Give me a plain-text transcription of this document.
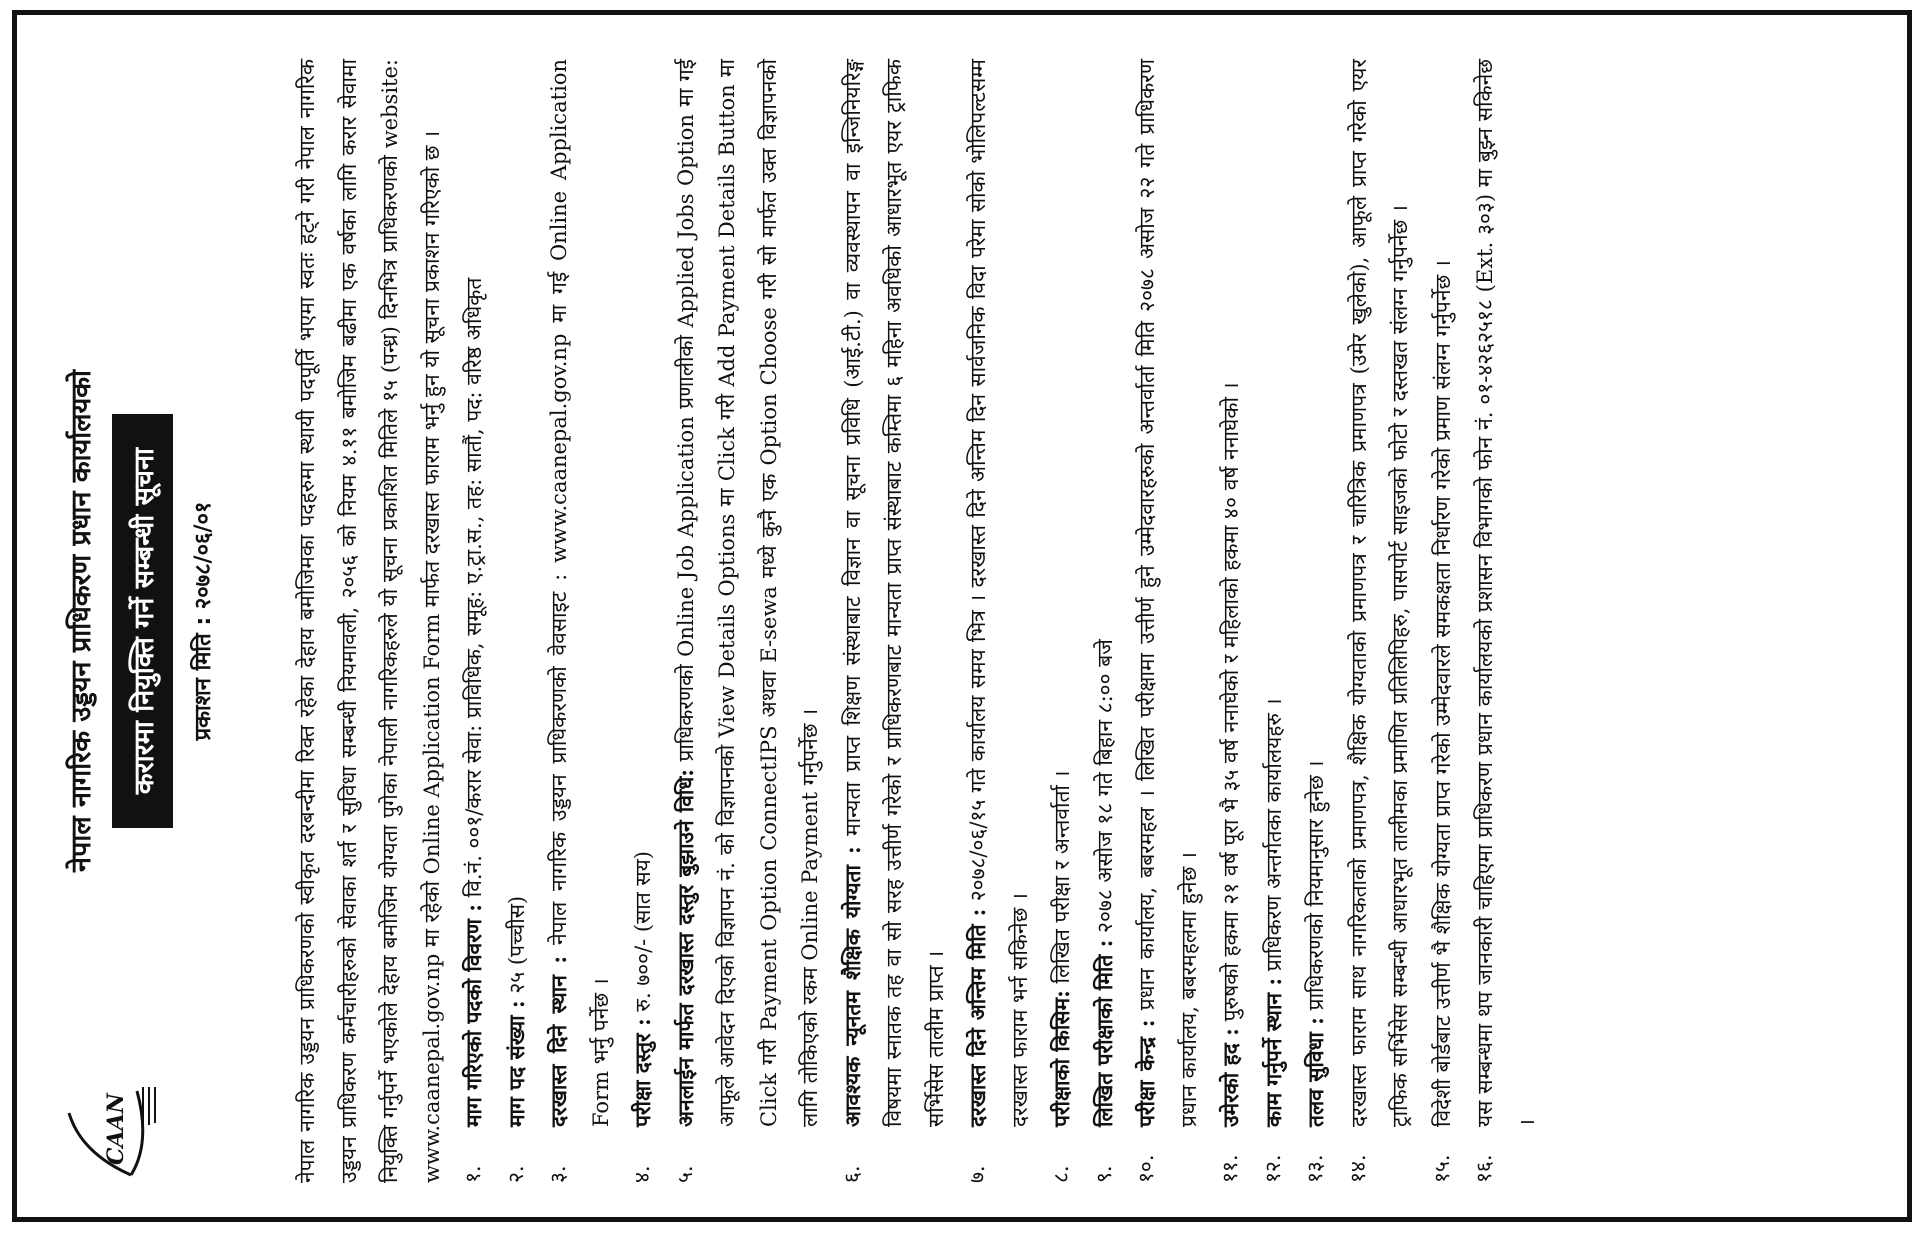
CAAN
नेपाल नागरिक उड्डयन प्राधिकरण प्रधान कार्यालयको करारमा नियुक्ति गर्ने सम्बन्धी सूचना प्रकाशन मिति : २०७८/०६/०१	नेपाल नागरिक उड्डयन प्राधिकरणको स्वीकृत दरबन्दीमा रिक्त रहेका देहाय बमोजिमका पदहरुमा स्थायी पदपूर्ति भएमा स्वतः हट्ने गरी नेपाल नागरिक उड्डयन प्राधिकरण कर्मचारीहरुको सेवाका शर्त र सुविधा सम्बन्धी नियमावली, २०५६ को नियम ४.११ बमोजिम बढीमा एक वर्षका लागि करार सेवामा नियुक्ति गर्नुपर्ने भएकोले देहाय बमोजिम योग्यता पुगेका नेपाली नागरिकहरुले यो सूचना प्रकाशित मितिले १५ (पन्ध्र) दिनभित्र प्राधिकरणको website: www.caanepal.gov.np मा रहेको Online Application Form मार्फत दरखास्त फाराम भर्नु हुन यो सूचना प्रकाशन गरिएको छ । १.
माग गरिएको पदको विवरण : वि.नं. ००१/करार सेवा: प्राविधिक, समूह: ए.ट्रा.स., तह: सातौं, पद: वरिष्ठ अधिकृत
२.
माग पद संख्या : २५ (पच्चीस)
३.
दरखास्त दिने स्थान : नेपाल नागरिक उड्डयन प्राधिकरणको वेवसाइट : www.caanepal.gov.np मा गई Online Application Form भर्नु पर्नेछ ।
४.
परीक्षा दस्तुर : रु. ७००/- (सात सय)
५.
अनलाईन मार्फत दरखास्त दस्तुर बुझाउने विधि: प्राधिकरणको Online Job Application प्रणालीको Applied Jobs Option मा गई आफूले आवेदन दिएको विज्ञापन नं. को विज्ञापनको View Details Options मा Click गरी Add Payment Details Button मा Click गरी Payment Option ConnectIPS अथवा E-sewa मध्ये कुनै एक Option Choose गरी सो मार्फत उक्त विज्ञापनको लागि तोकिएको रकम Online Payment गर्नुपर्नेछ ।
६.
आवश्यक न्यूनतम शैक्षिक योग्यता : मान्यता प्राप्त शिक्षण संस्थाबाट विज्ञान वा सूचना प्रविधि (आई.टी.) वा व्यवस्थापन वा इन्जिनियरिङ्ग विषयमा स्नातक तह वा सो सरह उत्तीर्ण गरेको र प्राधिकरणबाट मान्यता प्राप्त संस्थाबाट कम्तिमा ६ महिना अवधिको आधारभूत एयर ट्राफिक सर्भिसेस तालीम प्राप्त ।
७.
दरखास्त दिने अन्तिम मिति : २०७८/०६/१५ गते कार्यालय समय भित्र । दरखास्त दिने अन्तिम दिन सार्वजनिक विदा परेमा सोको भोलिपल्टसम्म दरखास्त फाराम भर्न सकिनेछ ।
८.
परीक्षाको किसिम: लिखित परीक्षा र अन्तर्वार्ता ।
९.
लिखित परीक्षाको मिति : २०७८ असोज १८ गते बिहान ८:०० बजे
१०.
परीक्षा केन्द्र : प्रधान कार्यालय, बबरमहल । लिखित परीक्षामा उत्तीर्ण हुने उम्मेदवारहरुको अन्तर्वार्ता मिति २०७८ असोज २२ गते प्राधिकरण प्रधान कार्यालय, बबरमहलमा हुनेछ ।
११.
उमेरको हद : पुरुषको हकमा २१ वर्ष पूरा भै ३५ वर्ष ननाघेको र महिलाको हकमा ४० वर्ष ननाघेको ।
१२.
काम गर्नुपर्ने स्थान : प्राधिकरण अन्तर्गतका कार्यालयहरु ।
१३.
तलव सुविधा : प्राधिकरणको नियमानुसार हुनेछ ।
१४.
दरखास्त फाराम साथ नागरिकताको प्रमाणपत्र, शैक्षिक योग्यताको प्रमाणपत्र र चारित्रिक प्रमाणपत्र (उमेर खुलेको), आफूले प्राप्त गरेको एयर ट्राफिक सर्भिसेस सम्बन्धी आधारभूत तालीमका प्रमाणित प्रतिलिपिहरु, पासपोर्ट साइजको फोटो र दस्तखत संलग्न गर्नुपर्नेछ ।
१५.
विदेशी बोर्डबाट उत्तीर्ण भै शैक्षिक योग्यता प्राप्त गरेको उम्मेदवारले समकक्षता निर्धारण गरेको प्रमाण संलग्न गर्नुपर्नेछ ।
१६.
यस सम्बन्धमा थप जानकारी चाहिएमा प्राधिकरण प्रधान कार्यालयको प्रशासन विभागको फोन नं. ०१-४२६२५१८ (Ext. ३०३) मा बुझ्न सकिनेछ ।
